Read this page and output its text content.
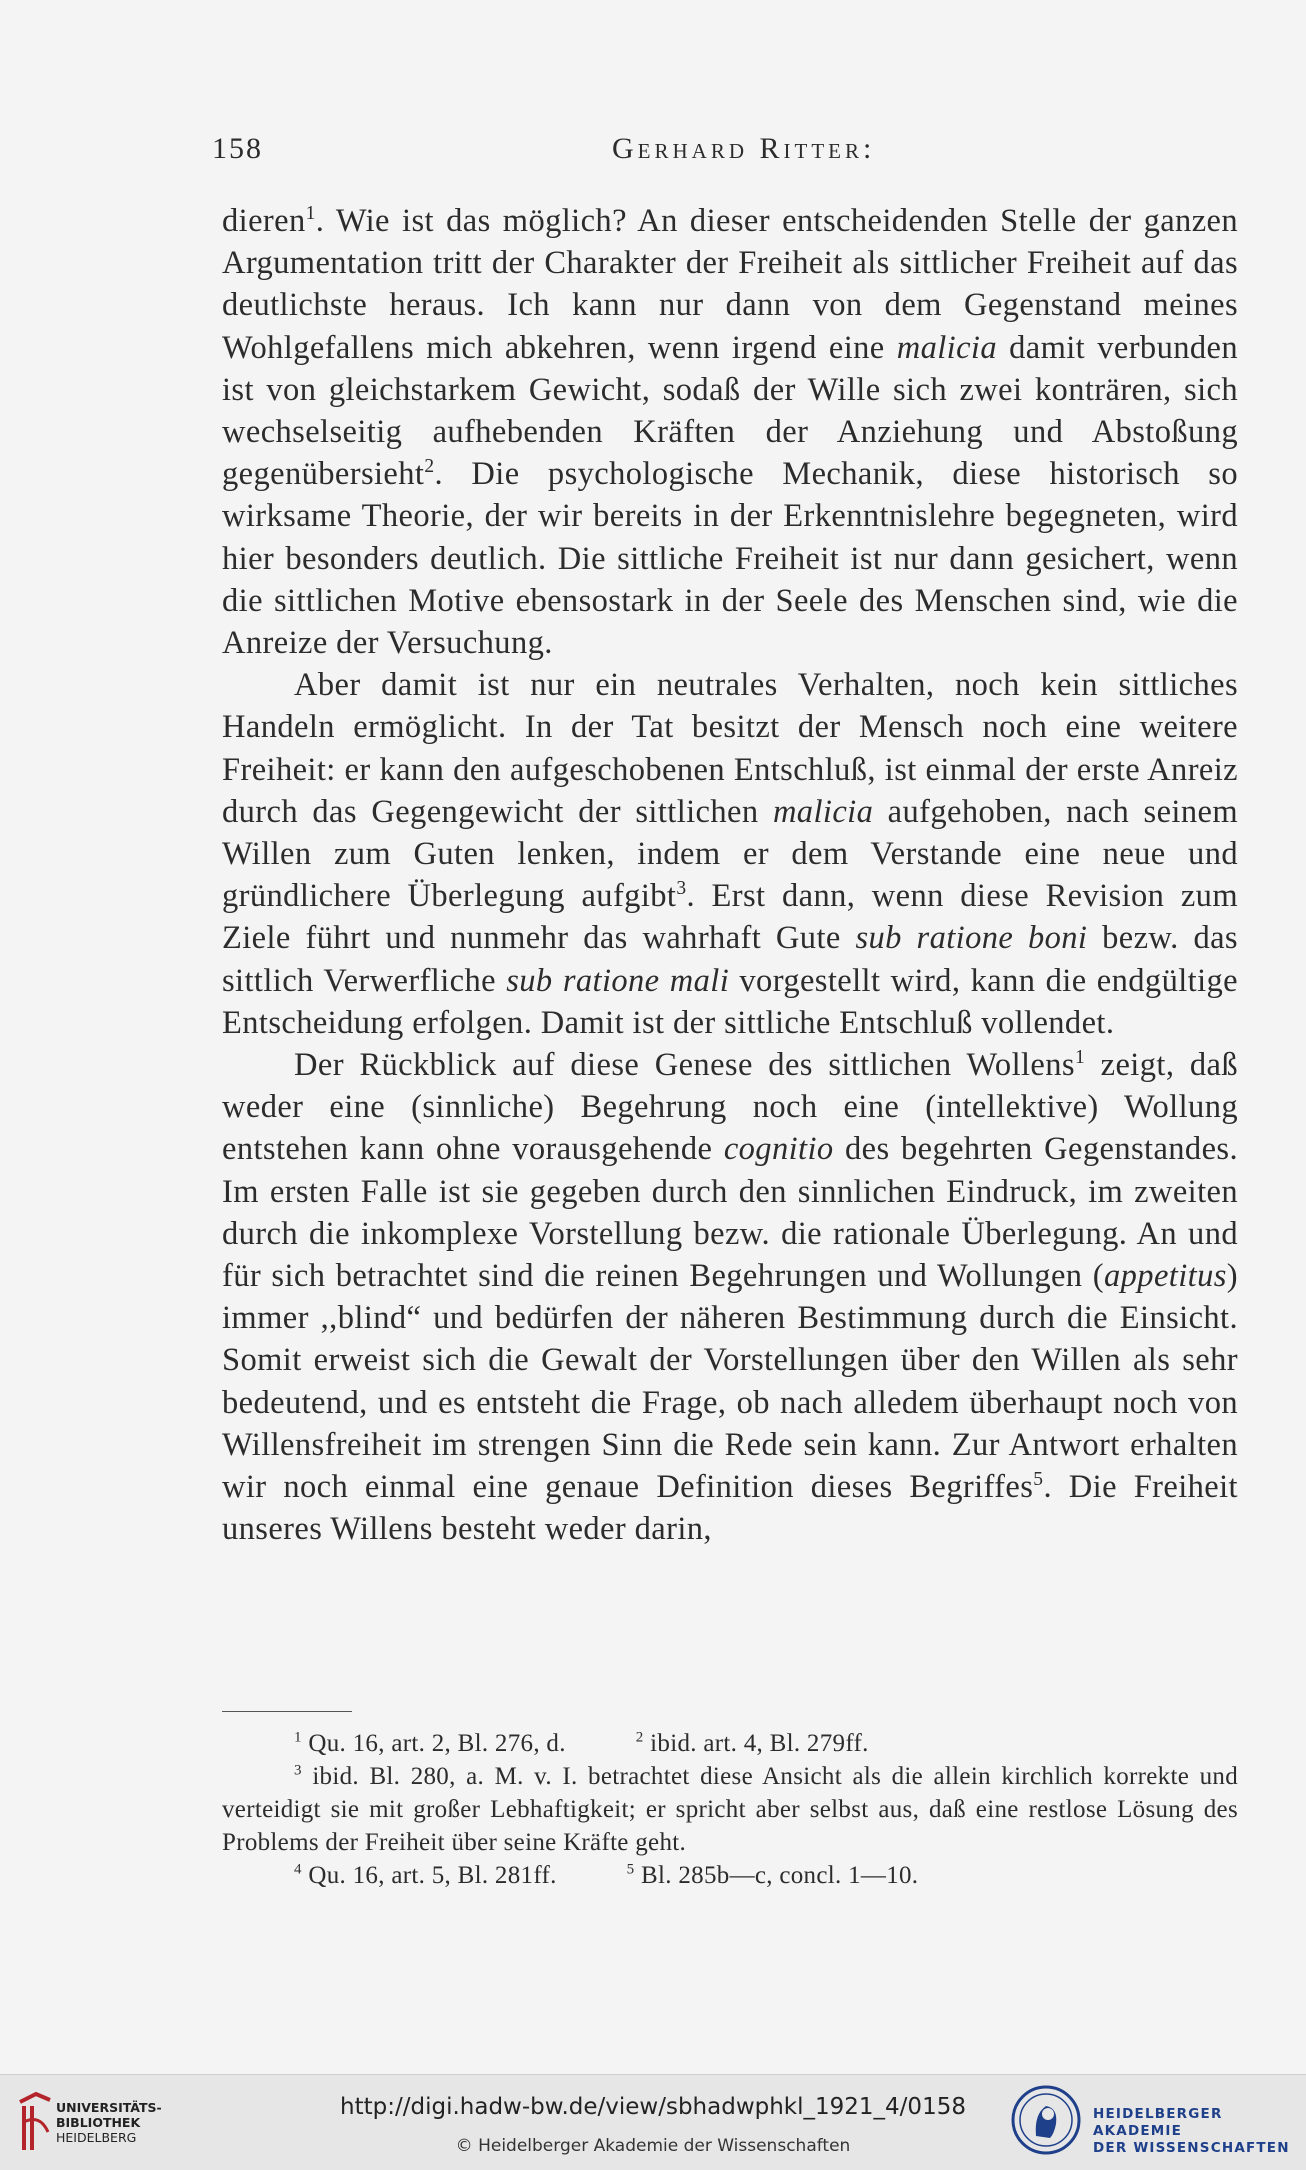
158	Gerhard Ritter:

dieren$^1$. Wie ist das möglich? An dieser entscheidenden Stelle der ganzen Argumentation tritt der Charakter der Freiheit als sittlicher Freiheit auf das deutlichste heraus. Ich kann nur dann von dem Gegenstand meines Wohlgefallens mich abkehren, wenn irgend eine malicia damit verbunden ist von gleichstarkem Gewicht, sodaß der Wille sich zwei konträren, sich wechselseitig aufhebenden Kräften der Anziehung und Abstoßung gegenübersieht$^2$. Die psychologische Mechanik, diese historisch so wirksame Theorie, der wir bereits in der Erkenntnislehre begegneten, wird hier besonders deutlich. Die sittliche Freiheit ist nur dann gesichert, wenn die sittlichen Motive ebensostark in der Seele des Menschen sind, wie die Anreize der Versuchung.

Aber damit ist nur ein neutrales Verhalten, noch kein sittliches Handeln ermöglicht. In der Tat besitzt der Mensch noch eine weitere Freiheit: er kann den aufgeschobenen Entschluß, ist einmal der erste Anreiz durch das Gegengewicht der sittlichen malicia aufgehoben, nach seinem Willen zum Guten lenken, indem er dem Verstande eine neue und gründlichere Überlegung aufgibt$^3$. Erst dann, wenn diese Revision zum Ziele führt und nunmehr das wahrhaft Gute sub ratione boni bezw. das sittlich Verwerfliche sub ratione mali vorgestellt wird, kann die endgültige Entscheidung erfolgen. Damit ist der sittliche Entschluß vollendet.

Der Rückblick auf diese Genese des sittlichen Wollens$^1$ zeigt, daß weder eine (sinnliche) Begehrung noch eine (intellektive) Wollung entstehen kann ohne vorausgehende cognitio des begehrten Gegenstandes. Im ersten Falle ist sie gegeben durch den sinnlichen Eindruck, im zweiten durch die inkomplexe Vorstellung bezw. die rationale Überlegung. An und für sich betrachtet sind die reinen Begehrungen und Wollungen (appetitus) immer ,,blind“ und bedürfen der näheren Bestimmung durch die Einsicht. Somit erweist sich die Gewalt der Vorstellungen über den Willen als sehr bedeutend, und es entsteht die Frage, ob nach alledem überhaupt noch von Willensfreiheit im strengen Sinn die Rede sein kann. Zur Antwort erhalten wir noch einmal eine genaue Definition dieses Begriffes$^5$. Die Freiheit unseres Willens besteht weder darin,

$^1$ Qu. 16, art. 2, Bl. 276, d.	$^2$ ibid. art. 4, Bl. 279ff.

$^3$ ibid. Bl. 280, a. M. v. I. betrachtet diese Ansicht als die allein kirchlich korrekte und verteidigt sie mit großer Lebhaftigkeit; er spricht aber selbst aus, daß eine restlose Lösung des Problems der Freiheit über seine Kräfte geht.

$^4$ Qu. 16, art. 5, Bl. 281ff.	$^5$ Bl. 285b—c, concl. 1—10.

UNIVERSITÄTS-
BIBLIOTHEK
HEIDELBERG
http://digi.hadw-bw.de/view/sbhadwphkl_1921_4/0158
© Heidelberger Akademie der Wissenschaften
HEIDELBERGER AKADEMIE
DER WISSENSCHAFTEN
